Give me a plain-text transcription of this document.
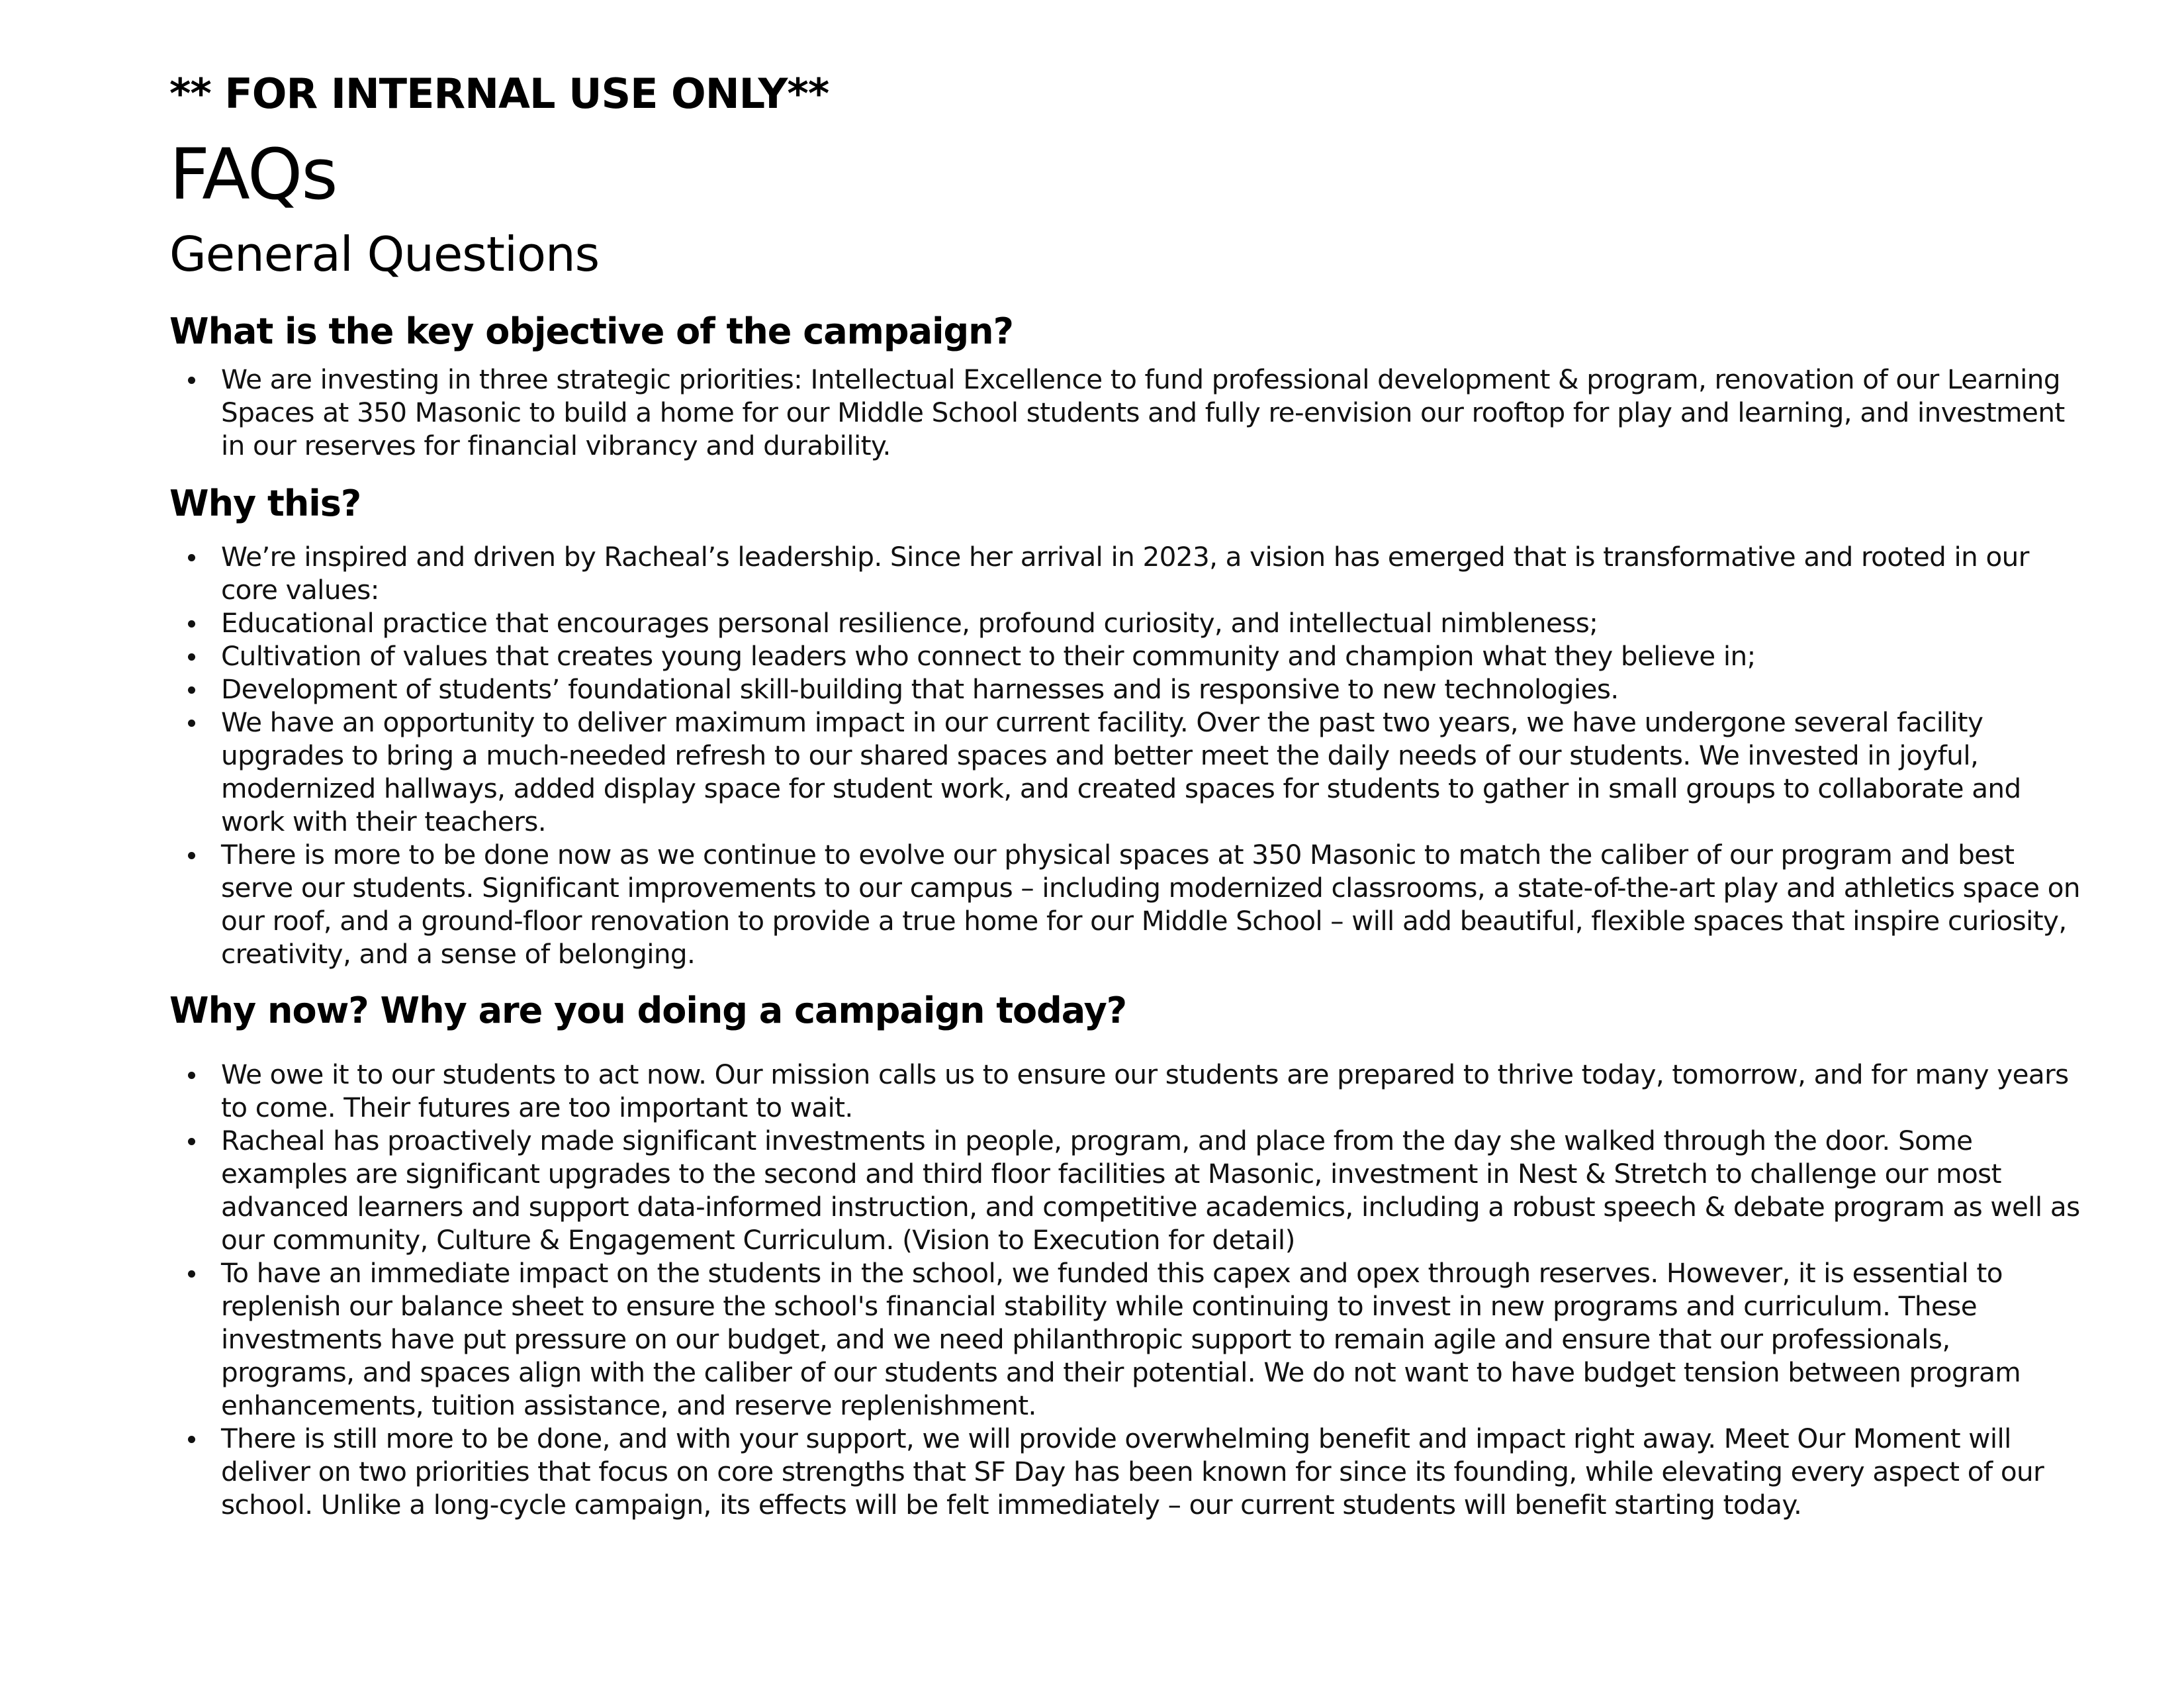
** FOR INTERNAL USE ONLY**
FAQs
General Questions
What is the key objective of the campaign?
We are investing in three strategic priorities: Intellectual Excellence to fund professional development & program, renovation of our Learning Spaces at 350 Masonic to build a home for our Middle School students and fully re-envision our rooftop for play and learning, and investment in our reserves for financial vibrancy and durability.
Why this?
We’re inspired and driven by Racheal’s leadership. Since her arrival in 2023, a vision has emerged that is transformative and rooted in our core values:
Educational practice that encourages personal resilience, profound curiosity, and intellectual nimbleness;
Cultivation of values that creates young leaders who connect to their community and champion what they believe in;
Development of students’ foundational skill-building that harnesses and is responsive to new technologies.
We have an opportunity to deliver maximum impact in our current facility. Over the past two years, we have undergone several facility upgrades to bring a much-needed refresh to our shared spaces and better meet the daily needs of our students. We invested in joyful, modernized hallways, added display space for student work, and created spaces for students to gather in small groups to collaborate and work with their teachers.
There is more to be done now as we continue to evolve our physical spaces at 350 Masonic to match the caliber of our program and best serve our students. Significant improvements to our campus – including modernized classrooms, a state-of-the-art play and athletics space on our roof, and a ground-floor renovation to provide a true home for our Middle School – will add beautiful, flexible spaces that inspire curiosity, creativity, and a sense of belonging.
Why now? Why are you doing a campaign today?
We owe it to our students to act now. Our mission calls us to ensure our students are prepared to thrive today, tomorrow, and for many years to come. Their futures are too important to wait.
Racheal has proactively made significant investments in people, program, and place from the day she walked through the door. Some examples are significant upgrades to the second and third floor facilities at Masonic, investment in Nest & Stretch to challenge our most advanced learners and support data-informed instruction, and competitive academics, including a robust speech & debate program as well as our community, Culture & Engagement Curriculum. (Vision to Execution for detail)
To have an immediate impact on the students in the school, we funded this capex and opex through reserves. However, it is essential to replenish our balance sheet to ensure the school's financial stability while continuing to invest in new programs and curriculum. These investments have put pressure on our budget, and we need philanthropic support to remain agile and ensure that our professionals, programs, and spaces align with the caliber of our students and their potential. We do not want to have budget tension between program enhancements, tuition assistance, and reserve replenishment.
There is still more to be done, and with your support, we will provide overwhelming benefit and impact right away. Meet Our Moment will deliver on two priorities that focus on core strengths that SF Day has been known for since its founding, while elevating every aspect of our school. Unlike a long-cycle campaign, its effects will be felt immediately – our current students will benefit starting today.
